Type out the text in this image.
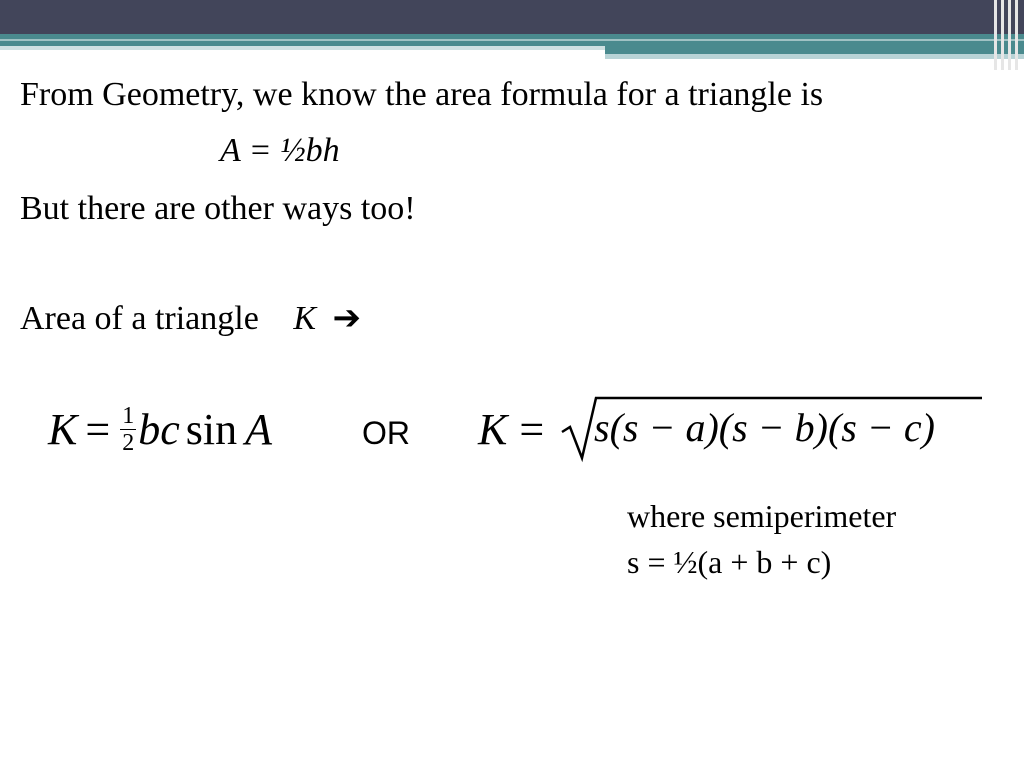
From Geometry, we know the area formula for a triangle is
A = ½bh
But there are other ways too!
Area of a triangle K ➔
$K = \frac{1}{2}$ bc sin A	OR K = s(s − a)(s − b)(s − c)
where semiperimeter
s = ½(a + b + c)
